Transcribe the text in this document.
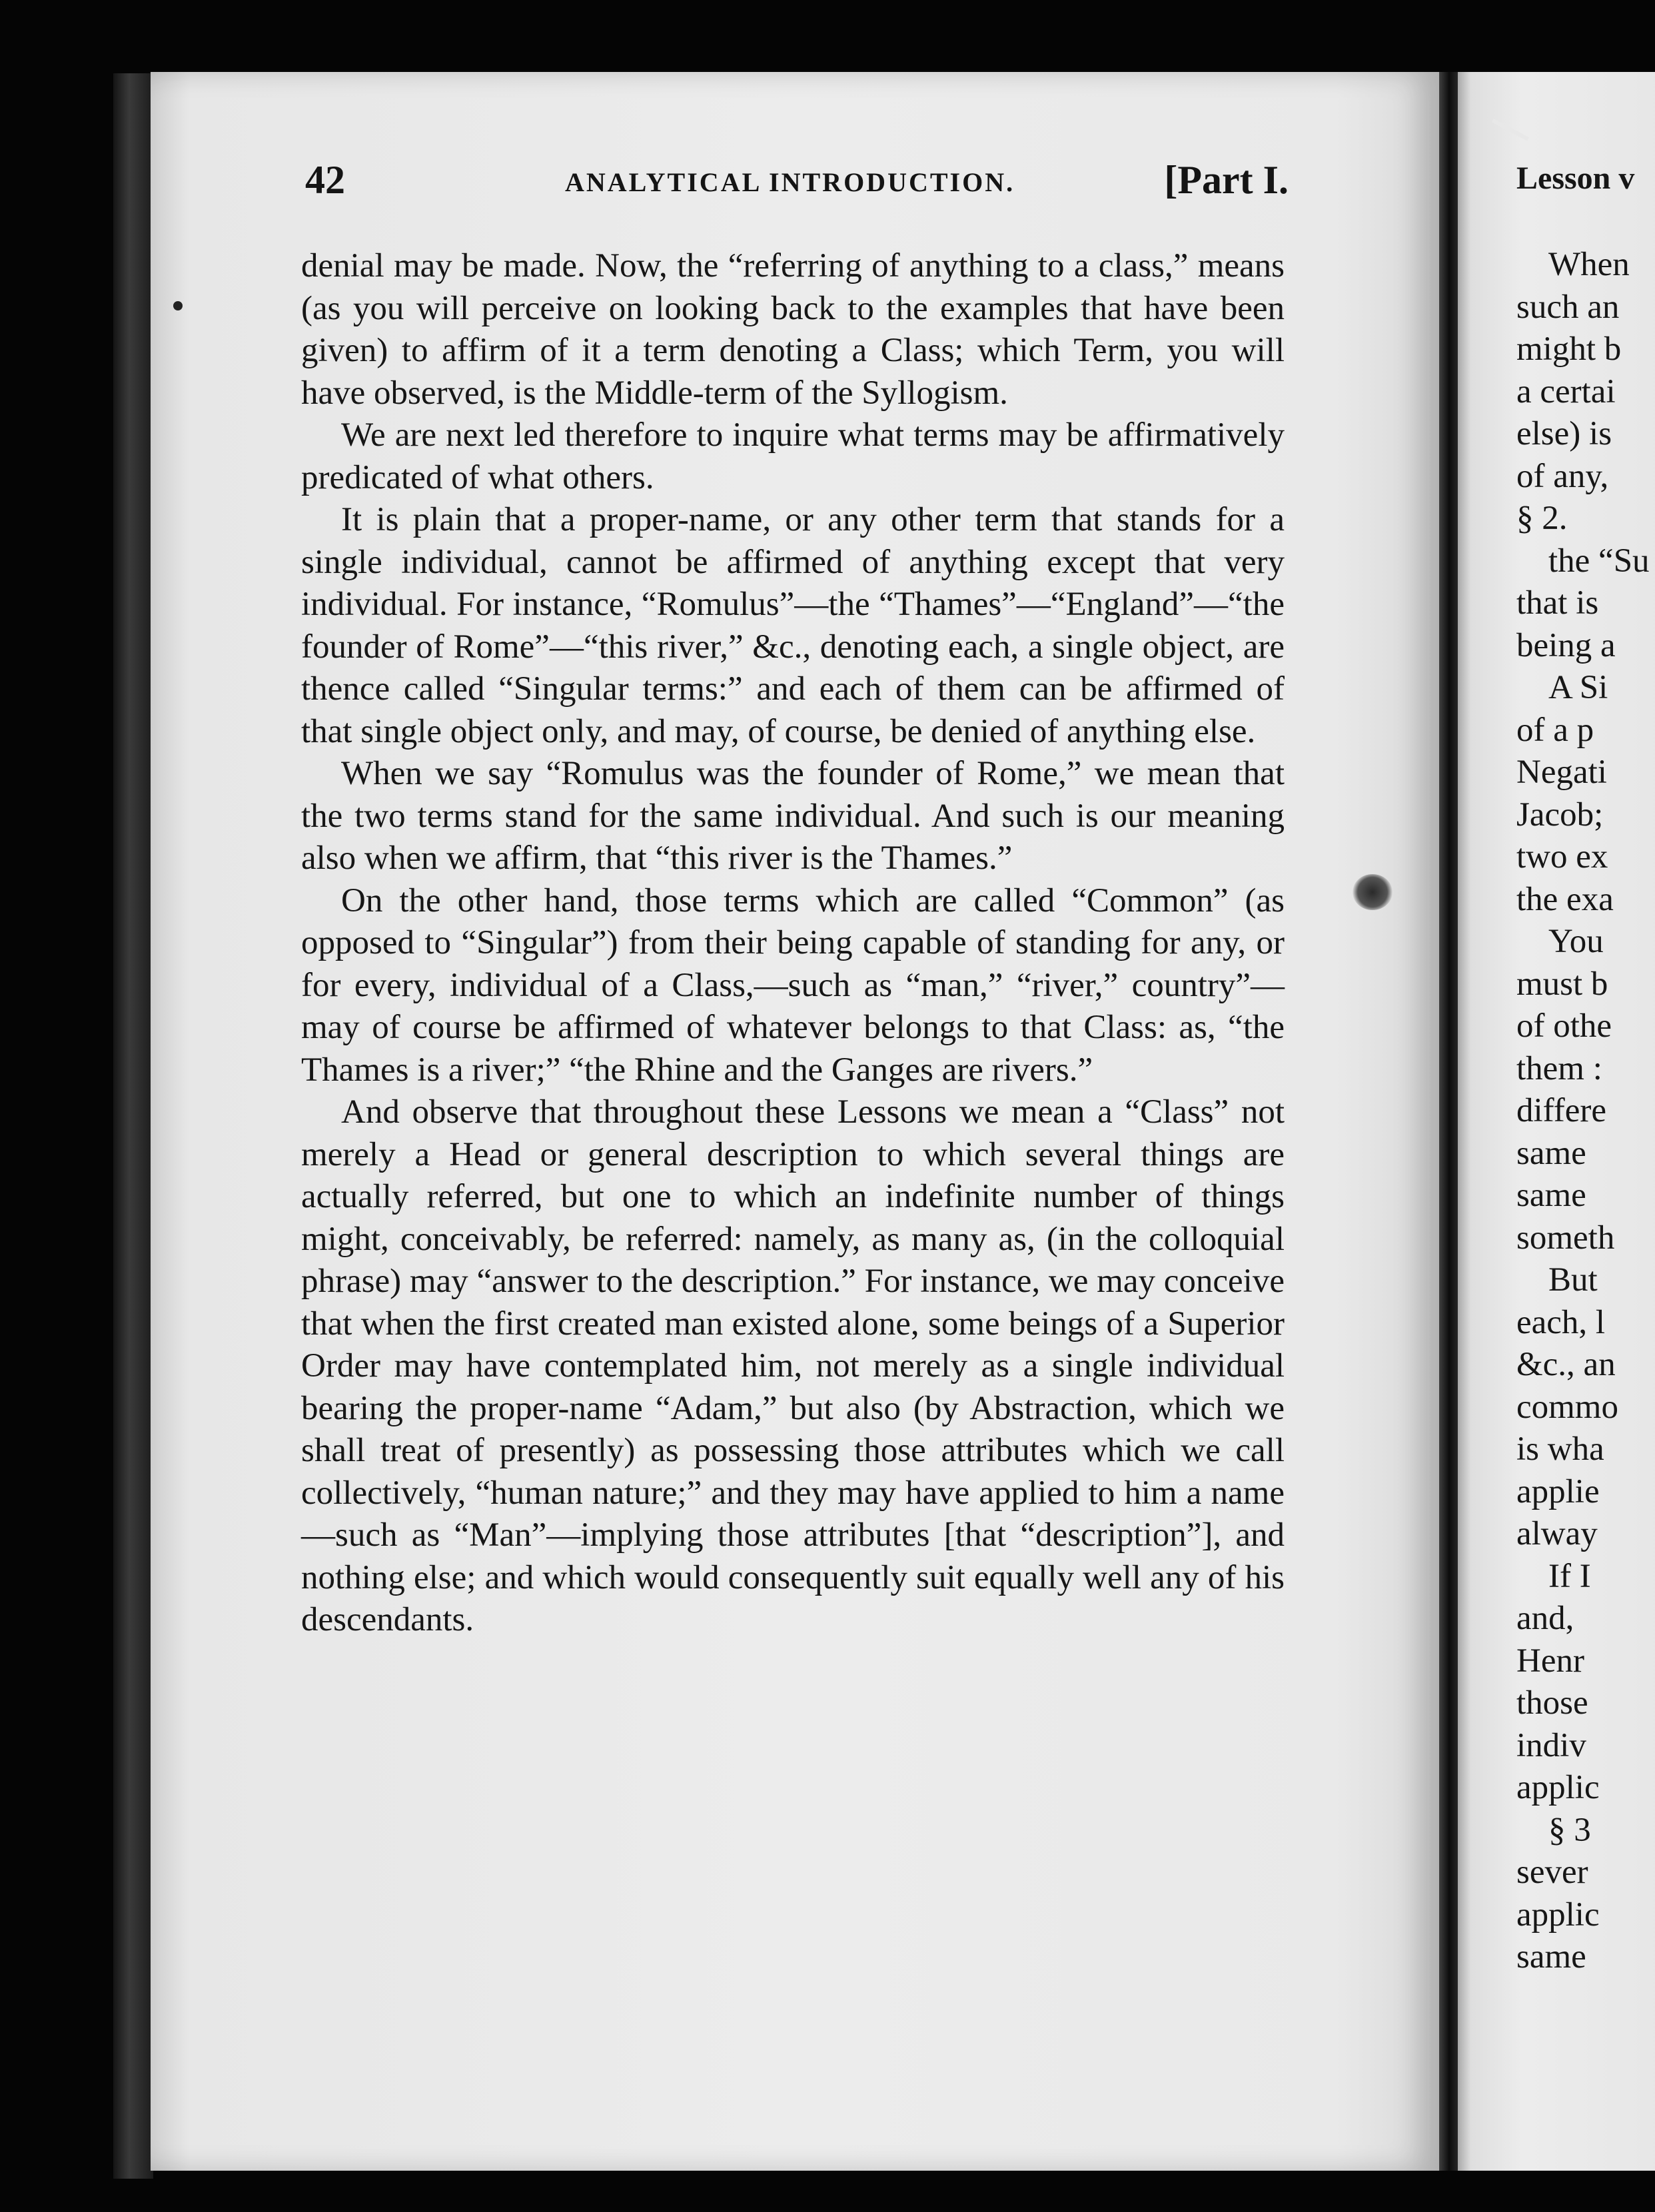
42	ANALYTICAL INTRODUCTION.	[Part I.

denial may be made. Now, the “referring of anything to a class,” means (as you will perceive on looking back to the examples that have been given) to affirm of it a term denoting a Class; which Term, you will have observed, is the Middle-term of the Syllogism.

We are next led therefore to inquire what terms may be affirmatively predicated of what others.

It is plain that a proper-name, or any other term that stands for a single individual, cannot be affirmed of anything except that very individual. For instance, “Romulus”—the “Thames”—“England”—“the founder of Rome”—“this river,” &c., denoting each, a single object, are thence called “Singular terms:” and each of them can be affirmed of that single object only, and may, of course, be denied of anything else.

When we say “Romulus was the founder of Rome,” we mean that the two terms stand for the same individual. And such is our meaning also when we affirm, that “this river is the Thames.”

On the other hand, those terms which are called “Common” (as opposed to “Singular”) from their being capable of standing for any, or for every, individual of a Class,—such as “man,” “river,” country”—may of course be affirmed of whatever belongs to that Class: as, “the Thames is a river;” “the Rhine and the Ganges are rivers.”

And observe that throughout these Lessons we mean a “Class” not merely a Head or general description to which several things are actually referred, but one to which an indefinite number of things might, conceivably, be referred: namely, as many as, (in the colloquial phrase) may “answer to the description.” For instance, we may conceive that when the first created man existed alone, some beings of a Superior Order may have contemplated him, not merely as a single individual bearing the proper-name “Adam,” but also (by Abstraction, which we shall treat of presently) as possessing those attributes which we call collectively, “human nature;” and they may have applied to him a name—such as “Man”—implying those attributes [that “description”], and nothing else; and which would consequently suit equally well any of his descendants.

Lesson v
When
such an
might b
a certai
else) is
of any,
§ 2.
the “Su
that is
being a
A Si
of a p
Negati
Jacob;
two ex
the exa
You
must b
of othe
them :
differe
same
same
someth
But
each, l
&c., an
commo
is wha
applie
alway
If I
and,
Henr
those
indiv
applic
§ 3
sever
applic
same
